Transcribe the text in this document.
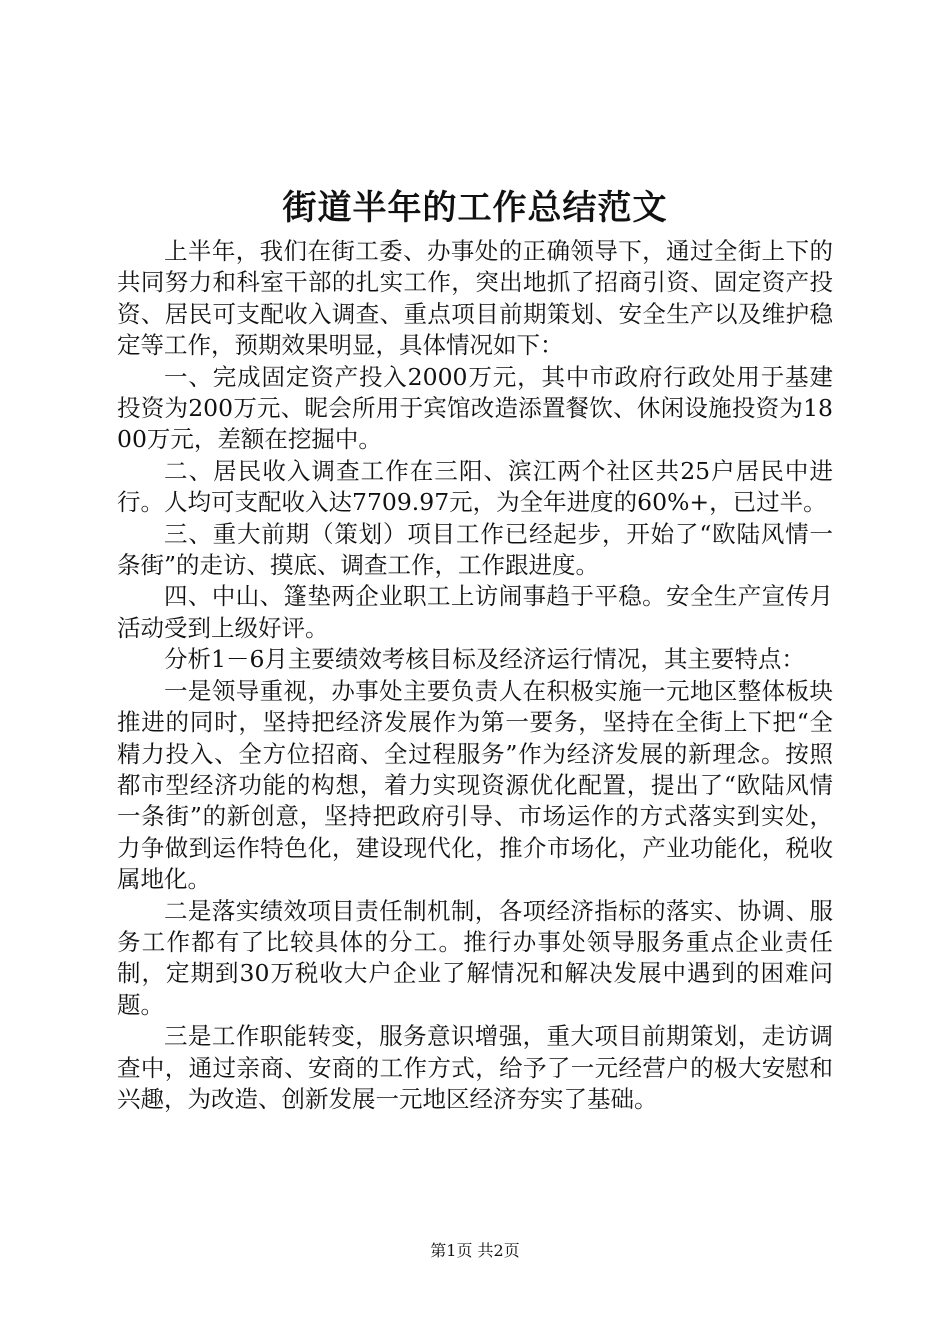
街道半年的工作总结范文

上半年，我们在街工委、办事处的正确领导下，通过全街上下的共同努力和科室干部的扎实工作，突出地抓了招商引资、固定资产投资、居民可支配收入调查、重点项目前期策划、安全生产以及维护稳定等工作，预期效果明显，具体情况如下：

一、完成固定资产投入2000万元，其中市政府行政处用于基建投资为200万元、昵会所用于宾馆改造添置餐饮、休闲设施投资为1800万元，差额在挖掘中。

二、居民收入调查工作在三阳、滨江两个社区共25户居民中进行。人均可支配收入达7709.97元，为全年进度的60%+，已过半。

三、重大前期（策划）项目工作已经起步，开始了“欧陆风情一条街”的走访、摸底、调查工作，工作跟进度。

四、中山、篷垫两企业职工上访闹事趋于平稳。安全生产宣传月活动受到上级好评。

分析1－6月主要绩效考核目标及经济运行情况，其主要特点：

一是领导重视，办事处主要负责人在积极实施一元地区整体板块推进的同时，坚持把经济发展作为第一要务，坚持在全街上下把“全精力投入、全方位招商、全过程服务”作为经济发展的新理念。按照都市型经济功能的构想，着力实现资源优化配置，提出了“欧陆风情一条街”的新创意，坚持把政府引导、市场运作的方式落实到实处，力争做到运作特色化，建设现代化，推介市场化，产业功能化，税收属地化。

二是落实绩效项目责任制机制，各项经济指标的落实、协调、服务工作都有了比较具体的分工。推行办事处领导服务重点企业责任制，定期到30万税收大户企业了解情况和解决发展中遇到的困难问题。

三是工作职能转变，服务意识增强，重大项目前期策划，走访调查中，通过亲商、安商的工作方式，给予了一元经营户的极大安慰和兴趣，为改造、创新发展一元地区经济夯实了基础。

第1页 共2页
